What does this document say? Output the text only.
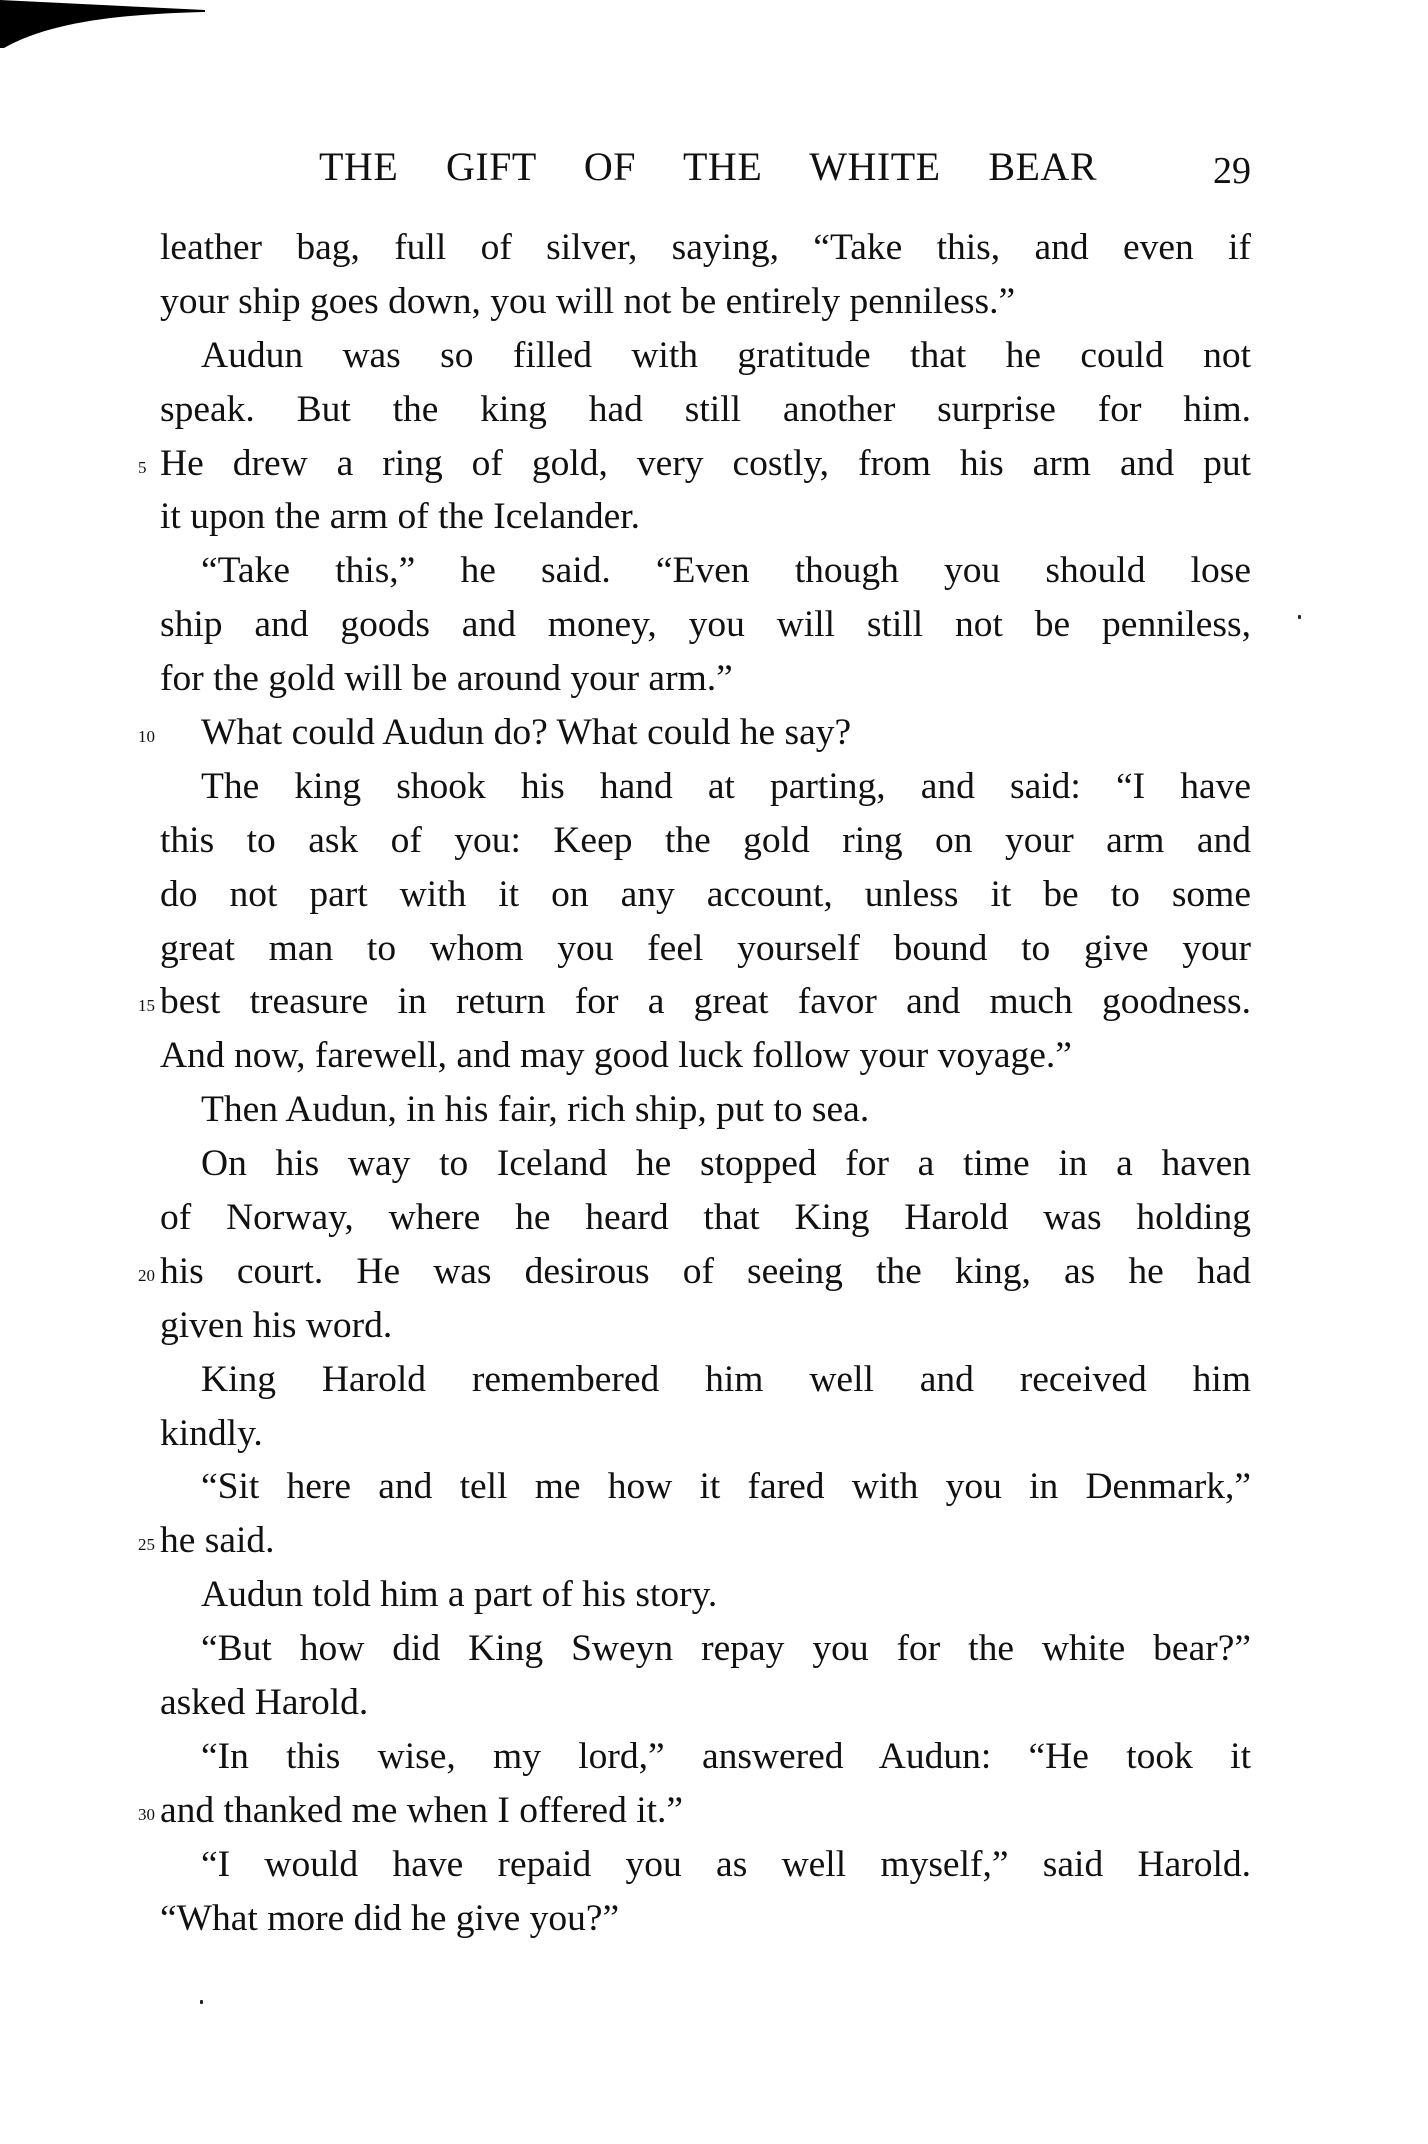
THE GIFT OF THE WHITE BEAR	29
leather bag, full of silver, saying, “Take this, and even if
your ship goes down, you will not be entirely penniless.”
Audun was so filled with gratitude that he could not
speak. But the king had still another surprise for him.
5 He drew a ring of gold, very costly, from his arm and put
it upon the arm of the Icelander.
“Take this,” he said. “Even though you should lose
ship and goods and money, you will still not be penniless,
for the gold will be around your arm.”
10	What could Audun do? What could he say?
The king shook his hand at parting, and said: “I have
this to ask of you: Keep the gold ring on your arm and
do not part with it on any account, unless it be to some
great man to whom you feel yourself bound to give your
15 best treasure in return for a great favor and much goodness.
And now, farewell, and may good luck follow your voyage.”
Then Audun, in his fair, rich ship, put to sea.
On his way to Iceland he stopped for a time in a haven
of Norway, where he heard that King Harold was holding
20 his court. He was desirous of seeing the king, as he had
given his word.
King Harold remembered him well and received him
kindly.
“Sit here and tell me how it fared with you in Denmark,”
25 he said.
Audun told him a part of his story.
“But how did King Sweyn repay you for the white bear?”
asked Harold.
“In this wise, my lord,” answered Audun: “He took it
30 and thanked me when I offered it.”
“I would have repaid you as well myself,” said Harold.
“What more did he give you?”
